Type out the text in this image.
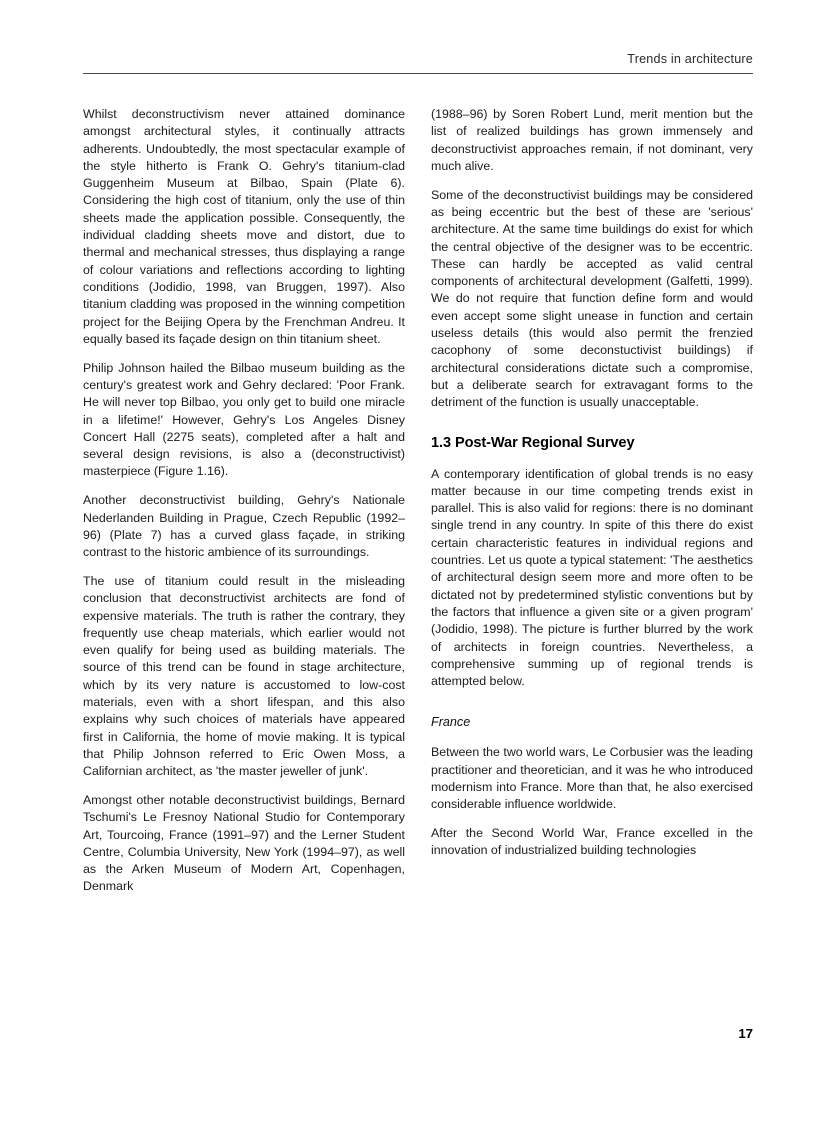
Trends in architecture

Whilst deconstructivism never attained dominance amongst architectural styles, it continually attracts adherents. Undoubtedly, the most spectacular example of the style hitherto is Frank O. Gehry's titanium-clad Guggenheim Museum at Bilbao, Spain (Plate 6). Considering the high cost of titanium, only the use of thin sheets made the application possible. Consequently, the individual cladding sheets move and distort, due to thermal and mechanical stresses, thus displaying a range of colour variations and reflections according to lighting conditions (Jodidio, 1998, van Bruggen, 1997). Also titanium cladding was proposed in the winning competition project for the Beijing Opera by the Frenchman Andreu. It equally based its façade design on thin titanium sheet.

Philip Johnson hailed the Bilbao museum building as the century's greatest work and Gehry declared: 'Poor Frank. He will never top Bilbao, you only get to build one miracle in a lifetime!' However, Gehry's Los Angeles Disney Concert Hall (2275 seats), completed after a halt and several design revisions, is also a (deconstructivist) masterpiece (Figure 1.16).

Another deconstructivist building, Gehry's Nationale Nederlanden Building in Prague, Czech Republic (1992–96) (Plate 7) has a curved glass façade, in striking contrast to the historic ambience of its surroundings.

The use of titanium could result in the misleading conclusion that deconstructivist architects are fond of expensive materials. The truth is rather the contrary, they frequently use cheap materials, which earlier would not even qualify for being used as building materials. The source of this trend can be found in stage architecture, which by its very nature is accustomed to low-cost materials, even with a short lifespan, and this also explains why such choices of materials have appeared first in California, the home of movie making. It is typical that Philip Johnson referred to Eric Owen Moss, a Californian architect, as 'the master jeweller of junk'.

Amongst other notable deconstructivist buildings, Bernard Tschumi's Le Fresnoy National Studio for Contemporary Art, Tourcoing, France (1991–97) and the Lerner Student Centre, Columbia University, New York (1994–97), as well as the Arken Museum of Modern Art, Copenhagen, Denmark

(1988–96) by Soren Robert Lund, merit mention but the list of realized buildings has grown immensely and deconstructivist approaches remain, if not dominant, very much alive.

Some of the deconstructivist buildings may be considered as being eccentric but the best of these are 'serious' architecture. At the same time buildings do exist for which the central objective of the designer was to be eccentric. These can hardly be accepted as valid central components of architectural development (Galfetti, 1999). We do not require that function define form and would even accept some slight unease in function and certain useless details (this would also permit the frenzied cacophony of some deconstuctivist buildings) if architectural considerations dictate such a compromise, but a deliberate search for extravagant forms to the detriment of the function is usually unacceptable.

1.3 Post-War Regional Survey

A contemporary identification of global trends is no easy matter because in our time competing trends exist in parallel. This is also valid for regions: there is no dominant single trend in any country. In spite of this there do exist certain characteristic features in individual regions and countries. Let us quote a typical statement: 'The aesthetics of architectural design seem more and more often to be dictated not by predetermined stylistic conventions but by the factors that influence a given site or a given program' (Jodidio, 1998). The picture is further blurred by the work of architects in foreign countries. Nevertheless, a comprehensive summing up of regional trends is attempted below.

France

Between the two world wars, Le Corbusier was the leading practitioner and theoretician, and it was he who introduced modernism into France. More than that, he also exercised considerable influence worldwide.

After the Second World War, France excelled in the innovation of industrialized building technologies

17
